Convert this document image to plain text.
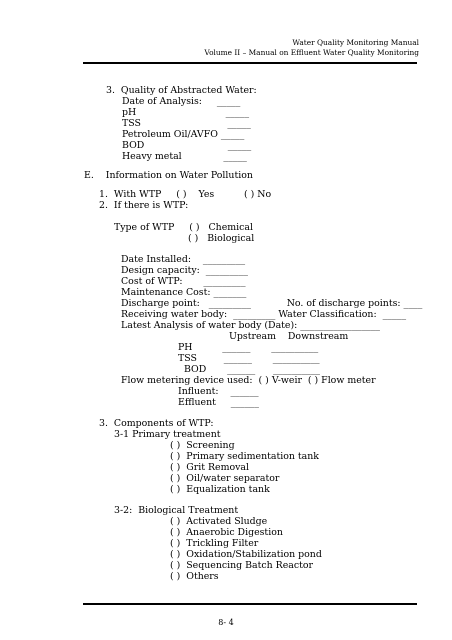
Water Quality Monitoring Manual
Volume II – Manual on Effluent Water Quality Monitoring
3.  Quality of Abstracted Water:
Date of Analysis:     _____
pH                              _____
TSS                             _____
Petroleum Oil/AVFO _____
BOD                            _____
Heavy metal              _____
E.    Information on Water Pollution
1.  With WTP     ( )    Yes          ( ) No
2.  If there is WTP:
Type of WTP     ( )   Chemical
( )   Biological
Date Installed:    _________
Design capacity:  _________
Cost of WTP:       _________
Maintenance Cost: _______
Discharge point:   _________            No. of discharge points: ____
Receiving water body:  _________ Water Classification:  _____
Latest Analysis of water body (Date): _________________
Upstream    Downstream
PH          ______       __________
TSS         ______       __________
BOD       ______      __________
Flow metering device used:  ( ) V-weir  ( ) Flow meter
Influent:    ______
Effluent     ______
3.  Components of WTP:
3-1 Primary treatment
( )  Screening
( )  Primary sedimentation tank
( )  Grit Removal
( )  Oil/water separator
( )  Equalization tank
3-2:  Biological Treatment
( )  Activated Sludge
( )  Anaerobic Digestion
( )  Trickling Filter
( )  Oxidation/Stabilization pond
( )  Sequencing Batch Reactor
( )  Others
8- 4
